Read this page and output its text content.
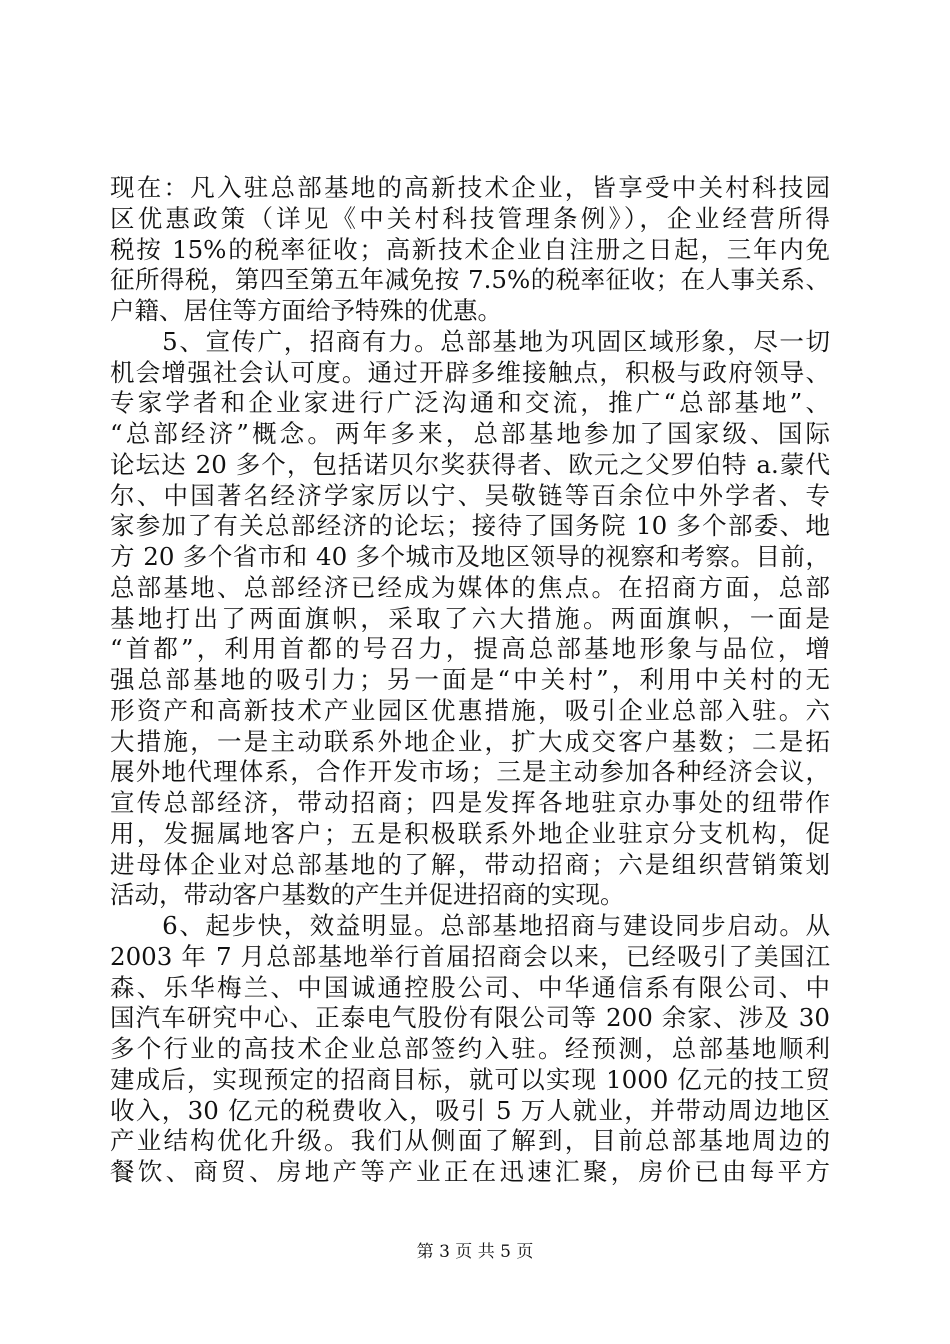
现在：凡入驻总部基地的高新技术企业，皆享受中关村科技园
区优惠政策（详见《中关村科技管理条例》），企业经营所得
税按 15%的税率征收；高新技术企业自注册之日起，三年内免
征所得税，第四至第五年减免按 7.5%的税率征收；在人事关系、
户籍、居住等方面给予特殊的优惠。
　　5、宣传广，招商有力。总部基地为巩固区域形象，尽一切
机会增强社会认可度。通过开辟多维接触点，积极与政府领导、
专家学者和企业家进行广泛沟通和交流，推广“总部基地”、
“总部经济”概念。两年多来，总部基地参加了国家级、国际
论坛达 20 多个，包括诺贝尔奖获得者、欧元之父罗伯特 a.蒙代
尔、中国著名经济学家厉以宁、吴敬链等百余位中外学者、专
家参加了有关总部经济的论坛；接待了国务院 10 多个部委、地
方 20 多个省市和 40 多个城市及地区领导的视察和考察。目前，
总部基地、总部经济已经成为媒体的焦点。在招商方面，总部
基地打出了两面旗帜，采取了六大措施。两面旗帜，一面是
“首都”，利用首都的号召力，提高总部基地形象与品位，增
强总部基地的吸引力；另一面是“中关村”，利用中关村的无
形资产和高新技术产业园区优惠措施，吸引企业总部入驻。六
大措施，一是主动联系外地企业，扩大成交客户基数；二是拓
展外地代理体系，合作开发市场；三是主动参加各种经济会议，
宣传总部经济，带动招商；四是发挥各地驻京办事处的纽带作
用，发掘属地客户；五是积极联系外地企业驻京分支机构，促
进母体企业对总部基地的了解，带动招商；六是组织营销策划
活动，带动客户基数的产生并促进招商的实现。
　　6、起步快，效益明显。总部基地招商与建设同步启动。从
2003 年 7 月总部基地举行首届招商会以来，已经吸引了美国江
森、乐华梅兰、中国诚通控股公司、中华通信系有限公司、中
国汽车研究中心、正泰电气股份有限公司等 200 余家、涉及 30
多个行业的高技术企业总部签约入驻。经预测，总部基地顺利
建成后，实现预定的招商目标，就可以实现 1000 亿元的技工贸
收入，30 亿元的税费收入，吸引 5 万人就业，并带动周边地区
产业结构优化升级。我们从侧面了解到，目前总部基地周边的
餐饮、商贸、房地产等产业正在迅速汇聚，房价已由每平方
第 3 页 共 5 页
